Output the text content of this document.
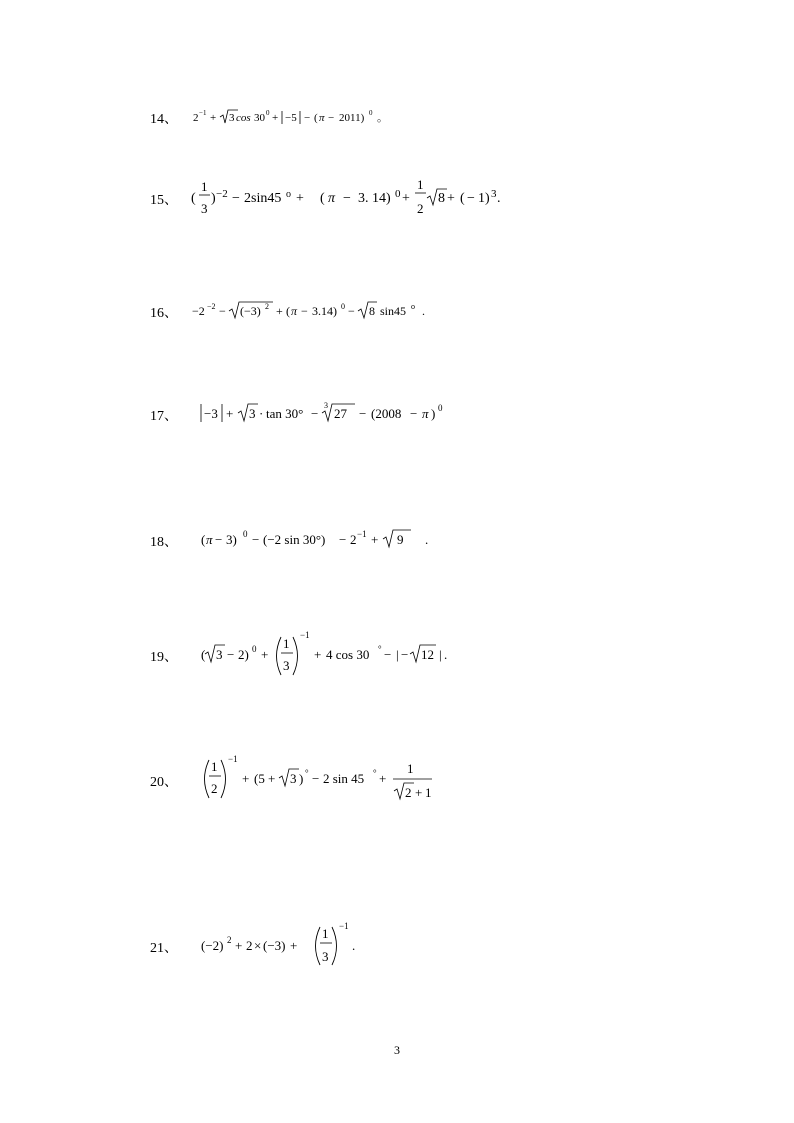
14、 2 −1 + 3 cos 30 0 + −5 − ( π − 2011) 0 。
15、 (
1
3
) −2 − 2sin45 o + ( π − 3. 14) 0 +
1
2
8 + ( − 1) 3 .
16、 −2 −2 − (−3) 2 + ( π − 3.14) 0 − 8 sin45 o .
17、 −3 + 3 · tan 30° −
3
27 − (2008 − π ) 0
18、 ( π − 3) 0 − (−2 sin 30°) − 2 −1 + 9 .
19、 ( 3 − 2) 0 +
1
3
−1
+ 4 cos 30 ° − | − 12 | .
20、
1
2
−1
+ (5 + 3 ) ° − 2 sin 45 ° +
1
2 + 1
21、 (−2) 2 + 2 × (−3) +
1
3
−1
.
3
